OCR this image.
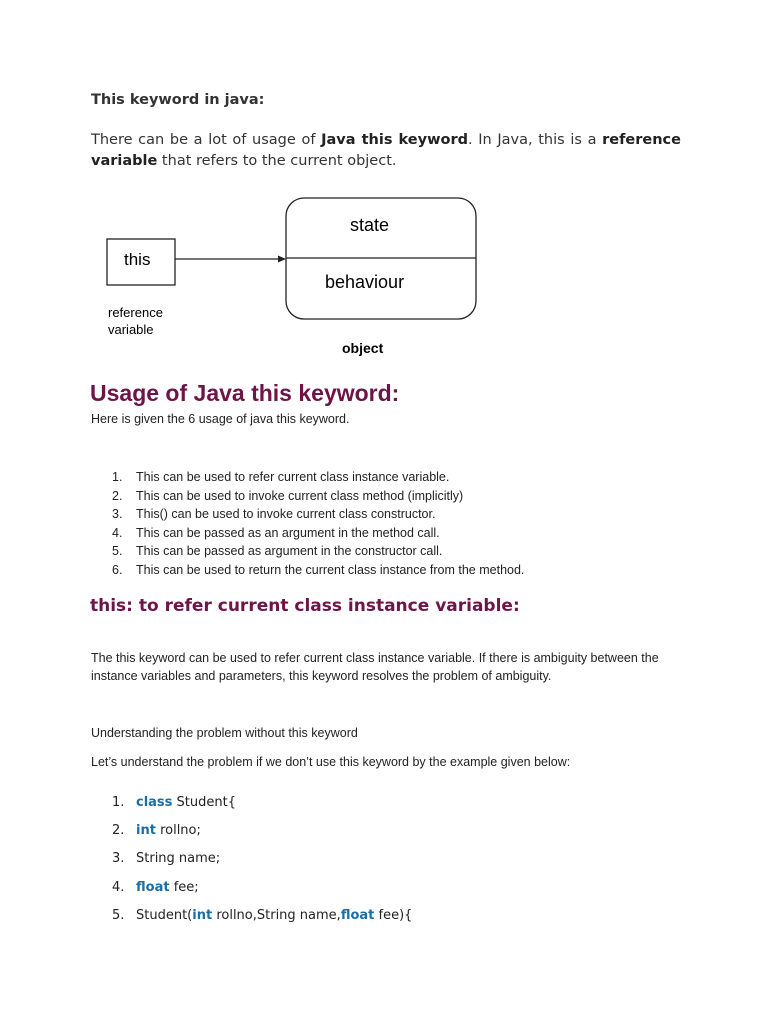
This keyword in java:
There can be a lot of usage of Java this keyword. In Java, this is a reference variable that refers to the current object.
this
reference
variable
state
behaviour
object
Usage of Java this keyword:
Here is given the 6 usage of java this keyword.
1. This can be used to refer current class instance variable.
2. This can be used to invoke current class method (implicitly)
3. This() can be used to invoke current class constructor.
4. This can be passed as an argument in the method call.
5. This can be passed as argument in the constructor call.
6. This can be used to return the current class instance from the method.
this: to refer current class instance variable:
The this keyword can be used to refer current class instance variable. If there is ambiguity between the instance variables and parameters, this keyword resolves the problem of ambiguity.
Understanding the problem without this keyword
Let’s understand the problem if we don’t use this keyword by the example given below:
1. class Student{
2. int rollno;
3. String name;
4. float fee;
5. Student(int rollno,String name,float fee){
